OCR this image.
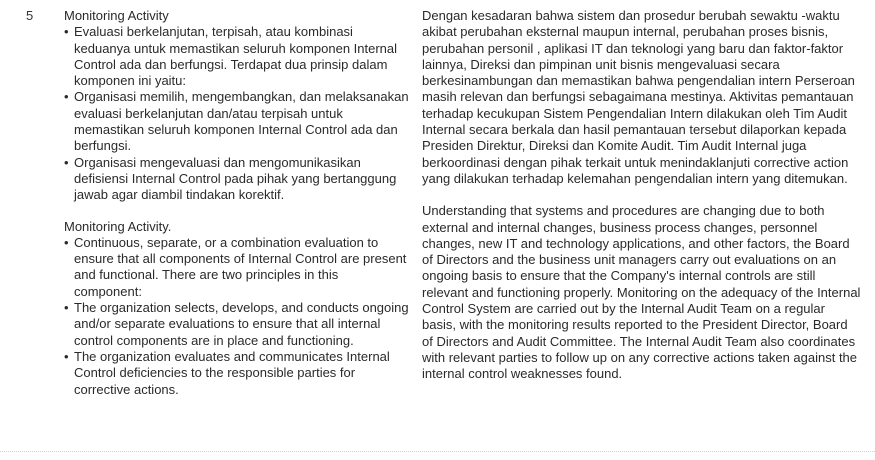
5 Monitoring Activity

• Evaluasi berkelanjutan, terpisah, atau kombinasi keduanya untuk memastikan seluruh komponen Internal Control ada dan berfungsi. Terdapat dua prinsip dalam komponen ini yaitu:
• Organisasi memilih, mengembangkan, dan melaksanakan evaluasi berkelanjutan dan/atau terpisah untuk memastikan seluruh komponen Internal Control ada dan berfungsi.
• Organisasi mengevaluasi dan mengomunikasikan defisiensi Internal Control pada pihak yang bertanggung jawab agar diambil tindakan korektif.

Monitoring Activity.

• Continuous, separate, or a combination evaluation to ensure that all components of Internal Control are present and functional. There are two principles in this component:
• The organization selects, develops, and conducts ongoing and/or separate evaluations to ensure that all internal control components are in place and functioning.
• The organization evaluates and communicates Internal Control deficiencies to the responsible parties for corrective actions.

Dengan kesadaran bahwa sistem dan prosedur berubah sewaktu -waktu akibat perubahan eksternal maupun internal, perubahan proses bisnis, perubahan personil , aplikasi IT dan teknologi yang baru dan faktor-faktor lainnya, Direksi dan pimpinan unit bisnis mengevaluasi secara berkesinambungan dan memastikan bahwa pengendalian intern Perseroan masih relevan dan berfungsi sebagaimana mestinya. Aktivitas pemantauan terhadap kecukupan Sistem Pengendalian Intern dilakukan oleh Tim Audit Internal secara berkala dan hasil pemantauan tersebut dilaporkan kepada Presiden Direktur, Direksi dan Komite Audit. Tim Audit Internal juga berkoordinasi dengan pihak terkait untuk menindaklanjuti corrective action yang dilakukan terhadap kelemahan pengendalian intern yang ditemukan.

Understanding that systems and procedures are changing due to both external and internal changes, business process changes, personnel changes, new IT and technology applications, and other factors, the Board of Directors and the business unit managers carry out evaluations on an ongoing basis to ensure that the Company's internal controls are still relevant and functioning properly. Monitoring on the adequacy of the Internal Control System are carried out by the Internal Audit Team on a regular basis, with the monitoring results reported to the President Director, Board of Directors and Audit Committee. The Internal Audit Team also coordinates with relevant parties to follow up on any corrective actions taken against the internal control weaknesses found.
